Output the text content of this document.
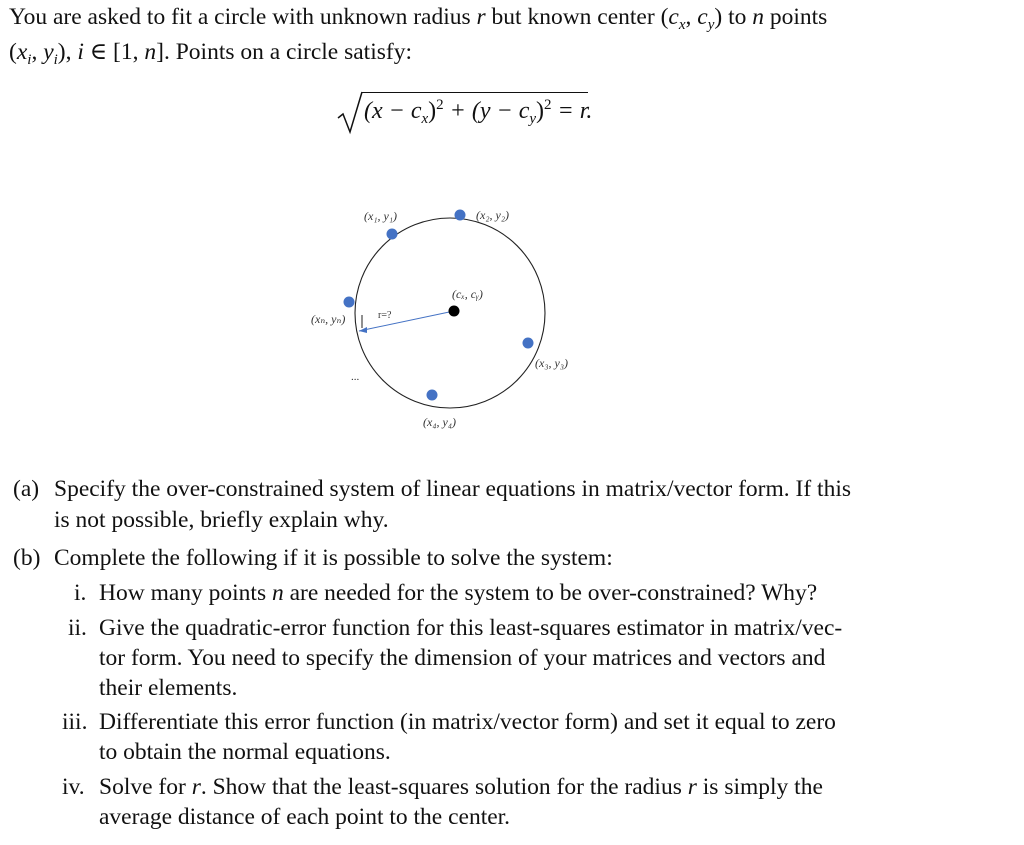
You are asked to fit a circle with unknown radius r but known center ($c_x$, $c_y$) to n points
($x_i$, $y_i$), i ∈ [1, n]. Points on a circle satisfy:
$(x - c_x)^2 + (y - c_y)^2 = r$.
(x₁, y₁)	(x₂, y₂)
(x₃, y₃)
(x₄, y₄)
(xₙ, yₙ)
(cₓ, cᵧ)
r=?
...
(a) Specify the over-constrained system of linear equations in matrix/vector form. If this
is not possible, briefly explain why.
(b) Complete the following if it is possible to solve the system:
i. How many points n are needed for the system to be over-constrained? Why?
ii. Give the quadratic-error function for this least-squares estimator in matrix/vec-
tor form. You need to specify the dimension of your matrices and vectors and
their elements.
iii. Differentiate this error function (in matrix/vector form) and set it equal to zero
to obtain the normal equations.
iv. Solve for r. Show that the least-squares solution for the radius r is simply the
average distance of each point to the center.
